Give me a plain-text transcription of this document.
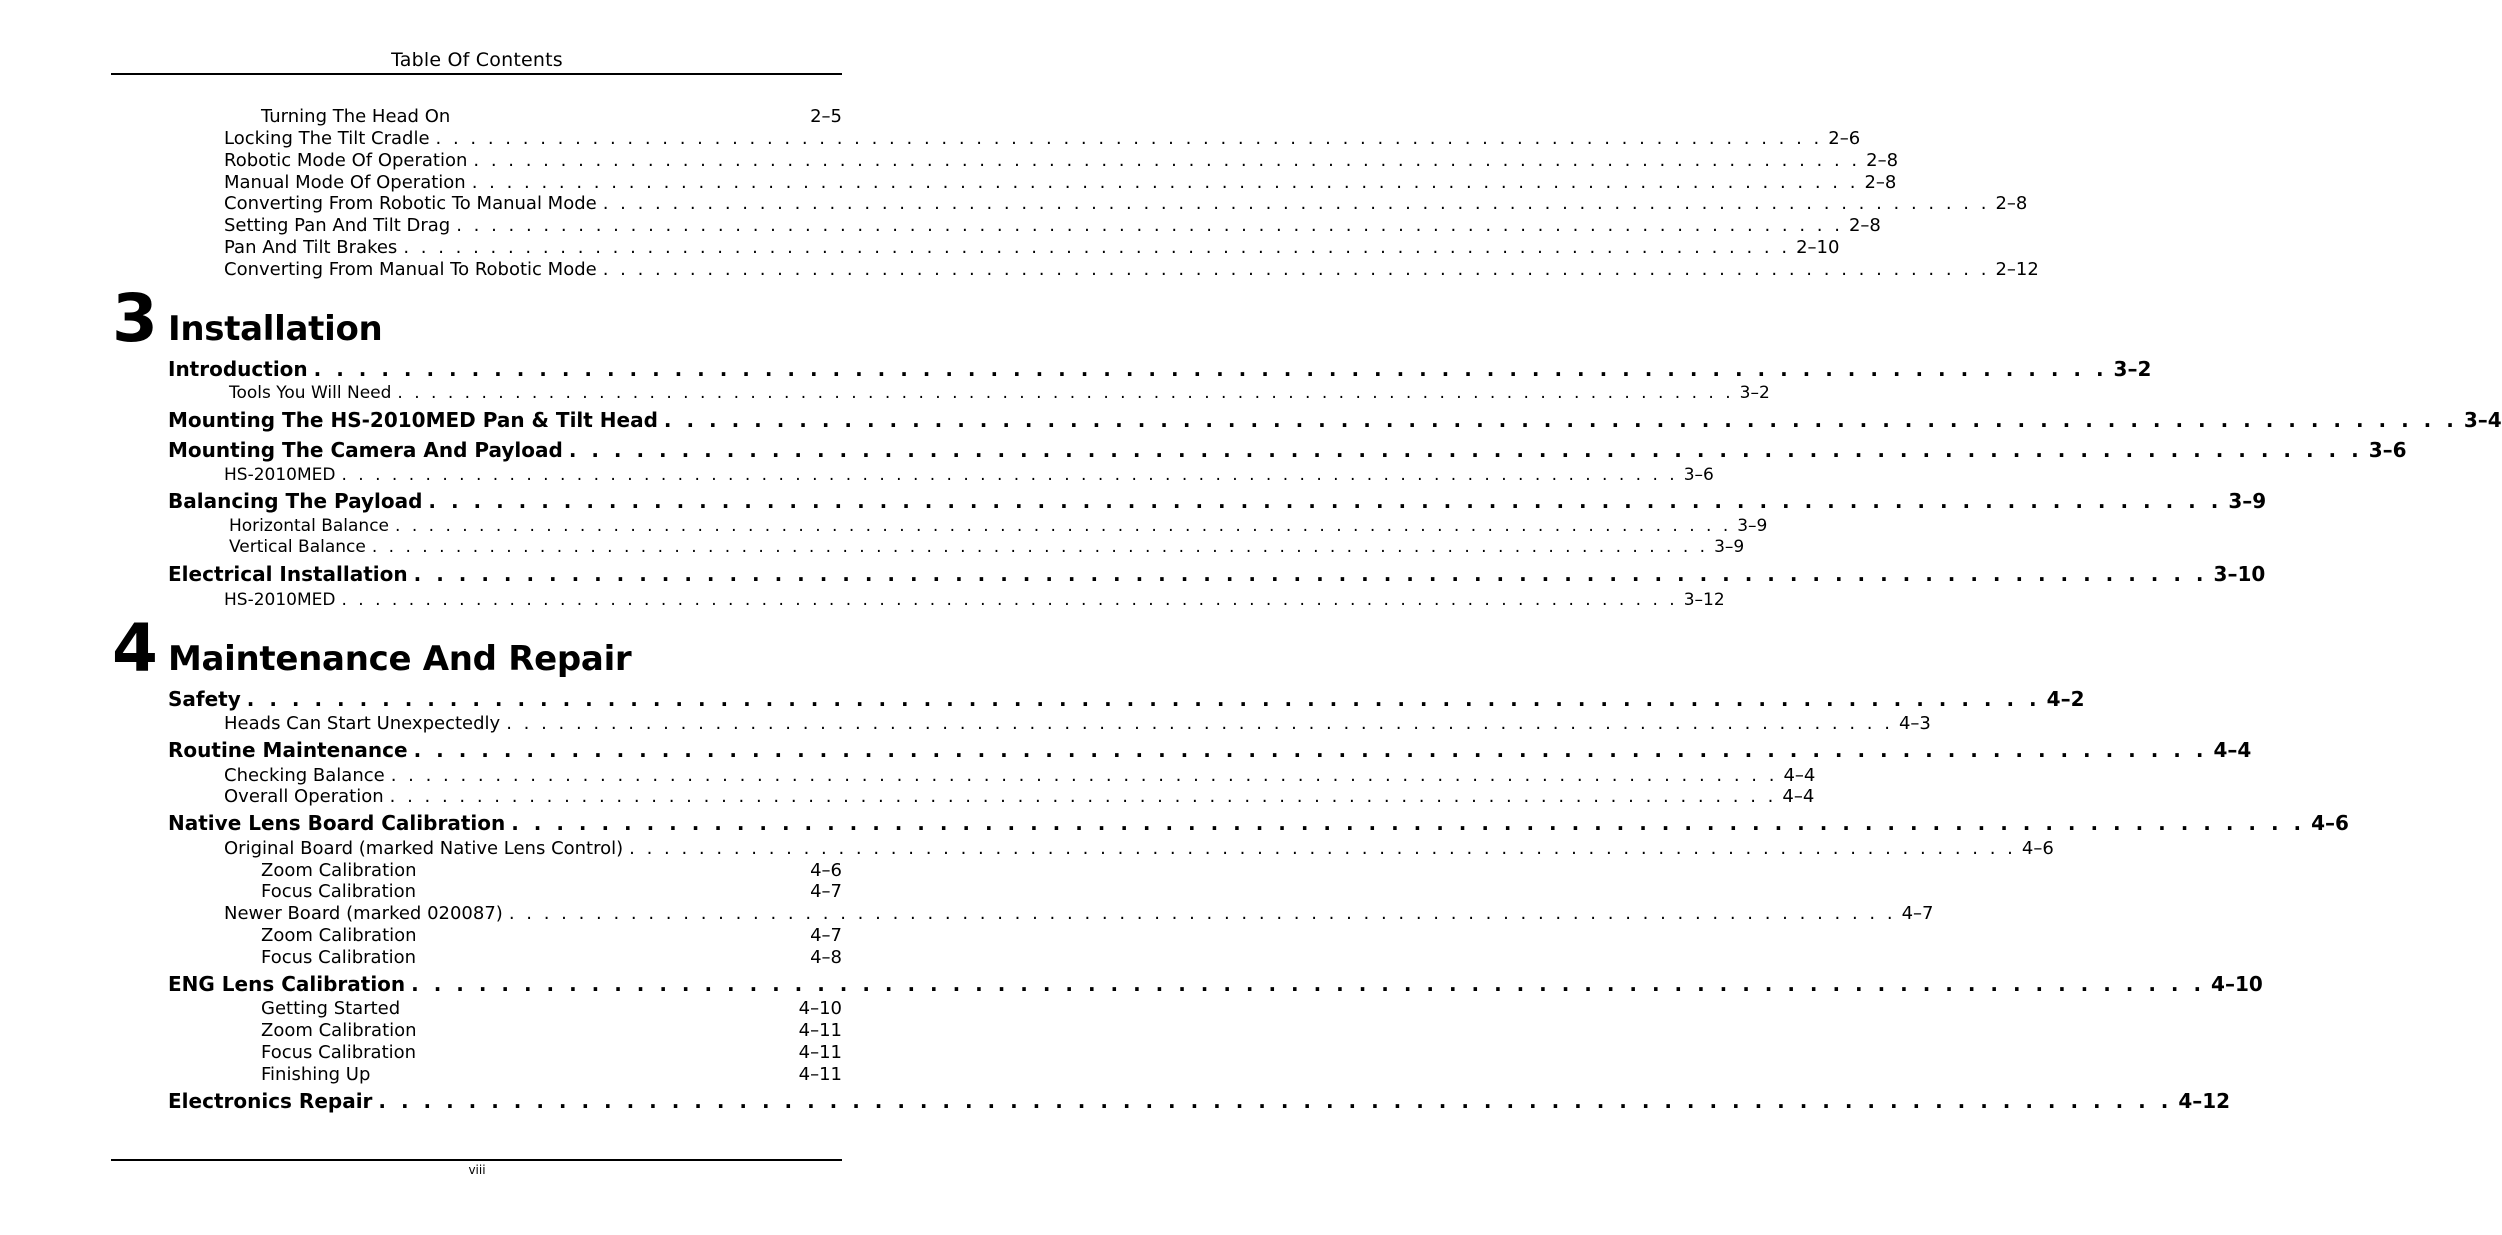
Table Of Contents
Turning The Head On	2–5
Locking The Tilt Cradle . . . . . . . . . . . . . . . . . . . . . . . . . . . . . . . . . . . . . . . . . . . . . . . . . . . . . . . . . . . . . . . . . . . . . . . . . . . . . . . . 2–6
Robotic Mode Of Operation . . . . . . . . . . . . . . . . . . . . . . . . . . . . . . . . . . . . . . . . . . . . . . . . . . . . . . . . . . . . . . . . . . . . . . . . . . . . . . . . 2–8
Manual Mode Of Operation . . . . . . . . . . . . . . . . . . . . . . . . . . . . . . . . . . . . . . . . . . . . . . . . . . . . . . . . . . . . . . . . . . . . . . . . . . . . . . . . 2–8
Converting From Robotic To Manual Mode . . . . . . . . . . . . . . . . . . . . . . . . . . . . . . . . . . . . . . . . . . . . . . . . . . . . . . . . . . . . . . . . . . . . . . . . . . . . . . . . 2–8
Setting Pan And Tilt Drag . . . . . . . . . . . . . . . . . . . . . . . . . . . . . . . . . . . . . . . . . . . . . . . . . . . . . . . . . . . . . . . . . . . . . . . . . . . . . . . . 2–8
Pan And Tilt Brakes . . . . . . . . . . . . . . . . . . . . . . . . . . . . . . . . . . . . . . . . . . . . . . . . . . . . . . . . . . . . . . . . . . . . . . . . . . . . . . . . 2–10
Converting From Manual To Robotic Mode . . . . . . . . . . . . . . . . . . . . . . . . . . . . . . . . . . . . . . . . . . . . . . . . . . . . . . . . . . . . . . . . . . . . . . . . . . . . . . . . 2–12
3 Installation
Introduction . . . . . . . . . . . . . . . . . . . . . . . . . . . . . . . . . . . . . . . . . . . . . . . . . . . . . . . . . . . . . . . . . . . . . . . . . . . . . . . . 3–2
Tools You Will Need . . . . . . . . . . . . . . . . . . . . . . . . . . . . . . . . . . . . . . . . . . . . . . . . . . . . . . . . . . . . . . . . . . . . . . . . . . . . . . . . 3–2
Mounting The HS-2010MED Pan & Tilt Head . . . . . . . . . . . . . . . . . . . . . . . . . . . . . . . . . . . . . . . . . . . . . . . . . . . . . . . . . . . . . . . . . . . . . . . . . . . . . . . . 3–4
Mounting The Camera And Payload . . . . . . . . . . . . . . . . . . . . . . . . . . . . . . . . . . . . . . . . . . . . . . . . . . . . . . . . . . . . . . . . . . . . . . . . . . . . . . . . 3–6
HS-2010MED . . . . . . . . . . . . . . . . . . . . . . . . . . . . . . . . . . . . . . . . . . . . . . . . . . . . . . . . . . . . . . . . . . . . . . . . . . . . . . . . 3–6
Balancing The Payload . . . . . . . . . . . . . . . . . . . . . . . . . . . . . . . . . . . . . . . . . . . . . . . . . . . . . . . . . . . . . . . . . . . . . . . . . . . . . . . . 3–9
Horizontal Balance . . . . . . . . . . . . . . . . . . . . . . . . . . . . . . . . . . . . . . . . . . . . . . . . . . . . . . . . . . . . . . . . . . . . . . . . . . . . . . . . 3–9
Vertical Balance . . . . . . . . . . . . . . . . . . . . . . . . . . . . . . . . . . . . . . . . . . . . . . . . . . . . . . . . . . . . . . . . . . . . . . . . . . . . . . . . 3–9
Electrical Installation . . . . . . . . . . . . . . . . . . . . . . . . . . . . . . . . . . . . . . . . . . . . . . . . . . . . . . . . . . . . . . . . . . . . . . . . . . . . . . . . 3–10
HS-2010MED . . . . . . . . . . . . . . . . . . . . . . . . . . . . . . . . . . . . . . . . . . . . . . . . . . . . . . . . . . . . . . . . . . . . . . . . . . . . . . . . 3–12
4 Maintenance And Repair
Safety . . . . . . . . . . . . . . . . . . . . . . . . . . . . . . . . . . . . . . . . . . . . . . . . . . . . . . . . . . . . . . . . . . . . . . . . . . . . . . . . 4–2
Heads Can Start Unexpectedly . . . . . . . . . . . . . . . . . . . . . . . . . . . . . . . . . . . . . . . . . . . . . . . . . . . . . . . . . . . . . . . . . . . . . . . . . . . . . . . . 4–3
Routine Maintenance . . . . . . . . . . . . . . . . . . . . . . . . . . . . . . . . . . . . . . . . . . . . . . . . . . . . . . . . . . . . . . . . . . . . . . . . . . . . . . . . 4–4
Checking Balance . . . . . . . . . . . . . . . . . . . . . . . . . . . . . . . . . . . . . . . . . . . . . . . . . . . . . . . . . . . . . . . . . . . . . . . . . . . . . . . . 4–4
Overall Operation . . . . . . . . . . . . . . . . . . . . . . . . . . . . . . . . . . . . . . . . . . . . . . . . . . . . . . . . . . . . . . . . . . . . . . . . . . . . . . . . 4–4
Native Lens Board Calibration . . . . . . . . . . . . . . . . . . . . . . . . . . . . . . . . . . . . . . . . . . . . . . . . . . . . . . . . . . . . . . . . . . . . . . . . . . . . . . . . 4–6
Original Board (marked Native Lens Control) . . . . . . . . . . . . . . . . . . . . . . . . . . . . . . . . . . . . . . . . . . . . . . . . . . . . . . . . . . . . . . . . . . . . . . . . . . . . . . . . 4–6
Zoom Calibration	4–6
Focus Calibration	4–7
Newer Board (marked 020087) . . . . . . . . . . . . . . . . . . . . . . . . . . . . . . . . . . . . . . . . . . . . . . . . . . . . . . . . . . . . . . . . . . . . . . . . . . . . . . . . 4–7
Zoom Calibration	4–7
Focus Calibration	4–8
ENG Lens Calibration . . . . . . . . . . . . . . . . . . . . . . . . . . . . . . . . . . . . . . . . . . . . . . . . . . . . . . . . . . . . . . . . . . . . . . . . . . . . . . . . 4–10
Getting Started	4–10
Zoom Calibration	4–11
Focus Calibration	4–11
Finishing Up	4–11
Electronics Repair . . . . . . . . . . . . . . . . . . . . . . . . . . . . . . . . . . . . . . . . . . . . . . . . . . . . . . . . . . . . . . . . . . . . . . . . . . . . . . . . 4–12
viii
